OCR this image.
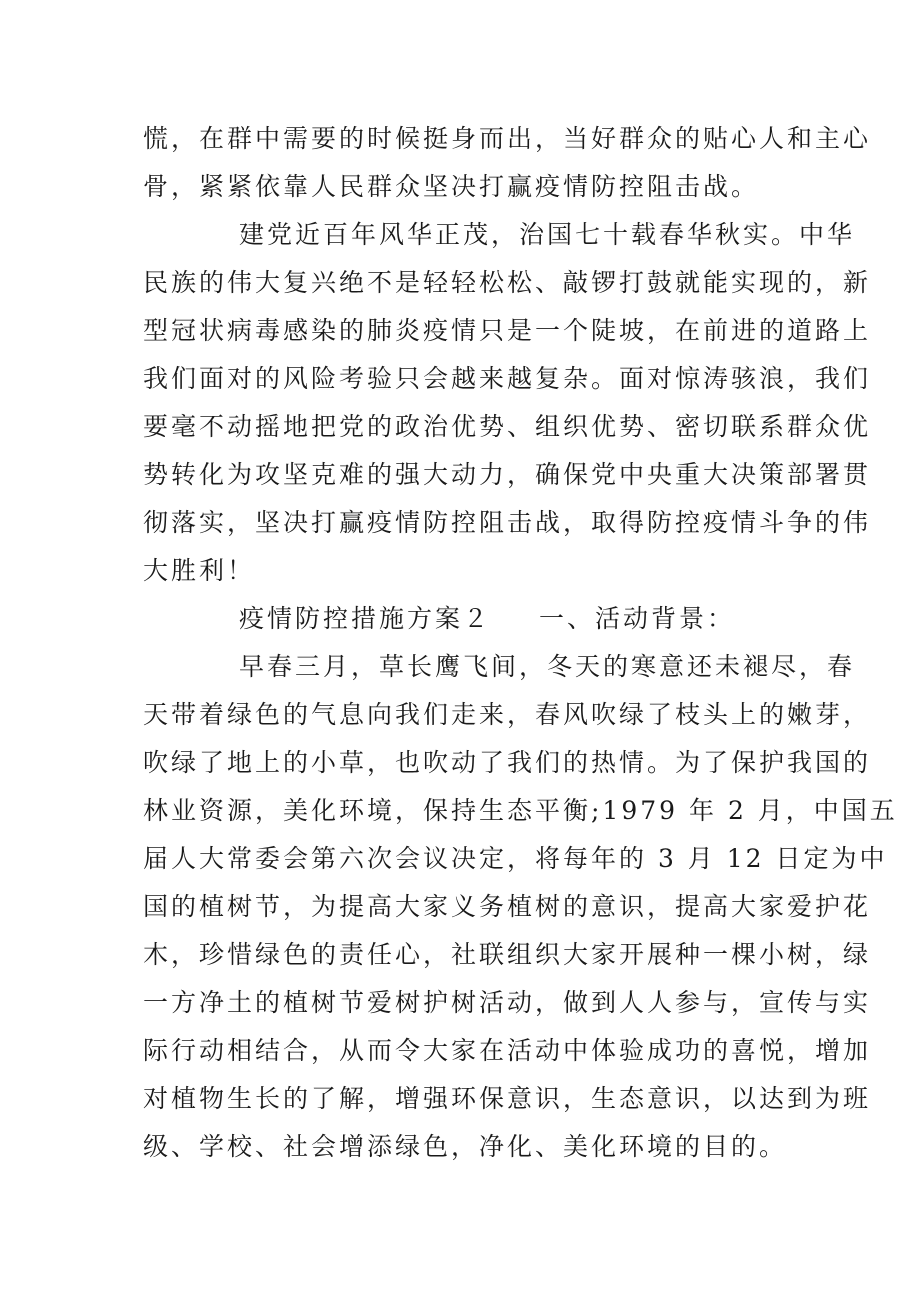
慌，在群中需要的时候挺身而出，当好群众的贴心人和主心
骨，紧紧依靠人民群众坚决打赢疫情防控阻击战。
建党近百年风华正茂，治国七十载春华秋实。中华
民族的伟大复兴绝不是轻轻松松、敲锣打鼓就能实现的，新
型冠状病毒感染的肺炎疫情只是一个陡坡，在前进的道路上
我们面对的风险考验只会越来越复杂。面对惊涛骇浪，我们
要毫不动摇地把党的政治优势、组织优势、密切联系群众优
势转化为攻坚克难的强大动力，确保党中央重大决策部署贯
彻落实，坚决打赢疫情防控阻击战，取得防控疫情斗争的伟
大胜利！
疫情防控措施方案２ 一、活动背景：
早春三月，草长鹰飞间，冬天的寒意还未褪尽，春
天带着绿色的气息向我们走来，春风吹绿了枝头上的嫩芽，
吹绿了地上的小草，也吹动了我们的热情。为了保护我国的
林业资源，美化环境，保持生态平衡;1979 年 2 月，中国五
届人大常委会第六次会议决定，将每年的 3 月 12 日定为中
国的植树节，为提高大家义务植树的意识，提高大家爱护花
木，珍惜绿色的责任心，社联组织大家开展种一棵小树，绿
一方净土的植树节爱树护树活动，做到人人参与，宣传与实
际行动相结合，从而令大家在活动中体验成功的喜悦，增加
对植物生长的了解，增强环保意识，生态意识，以达到为班
级、学校、社会增添绿色，净化、美化环境的目的。
